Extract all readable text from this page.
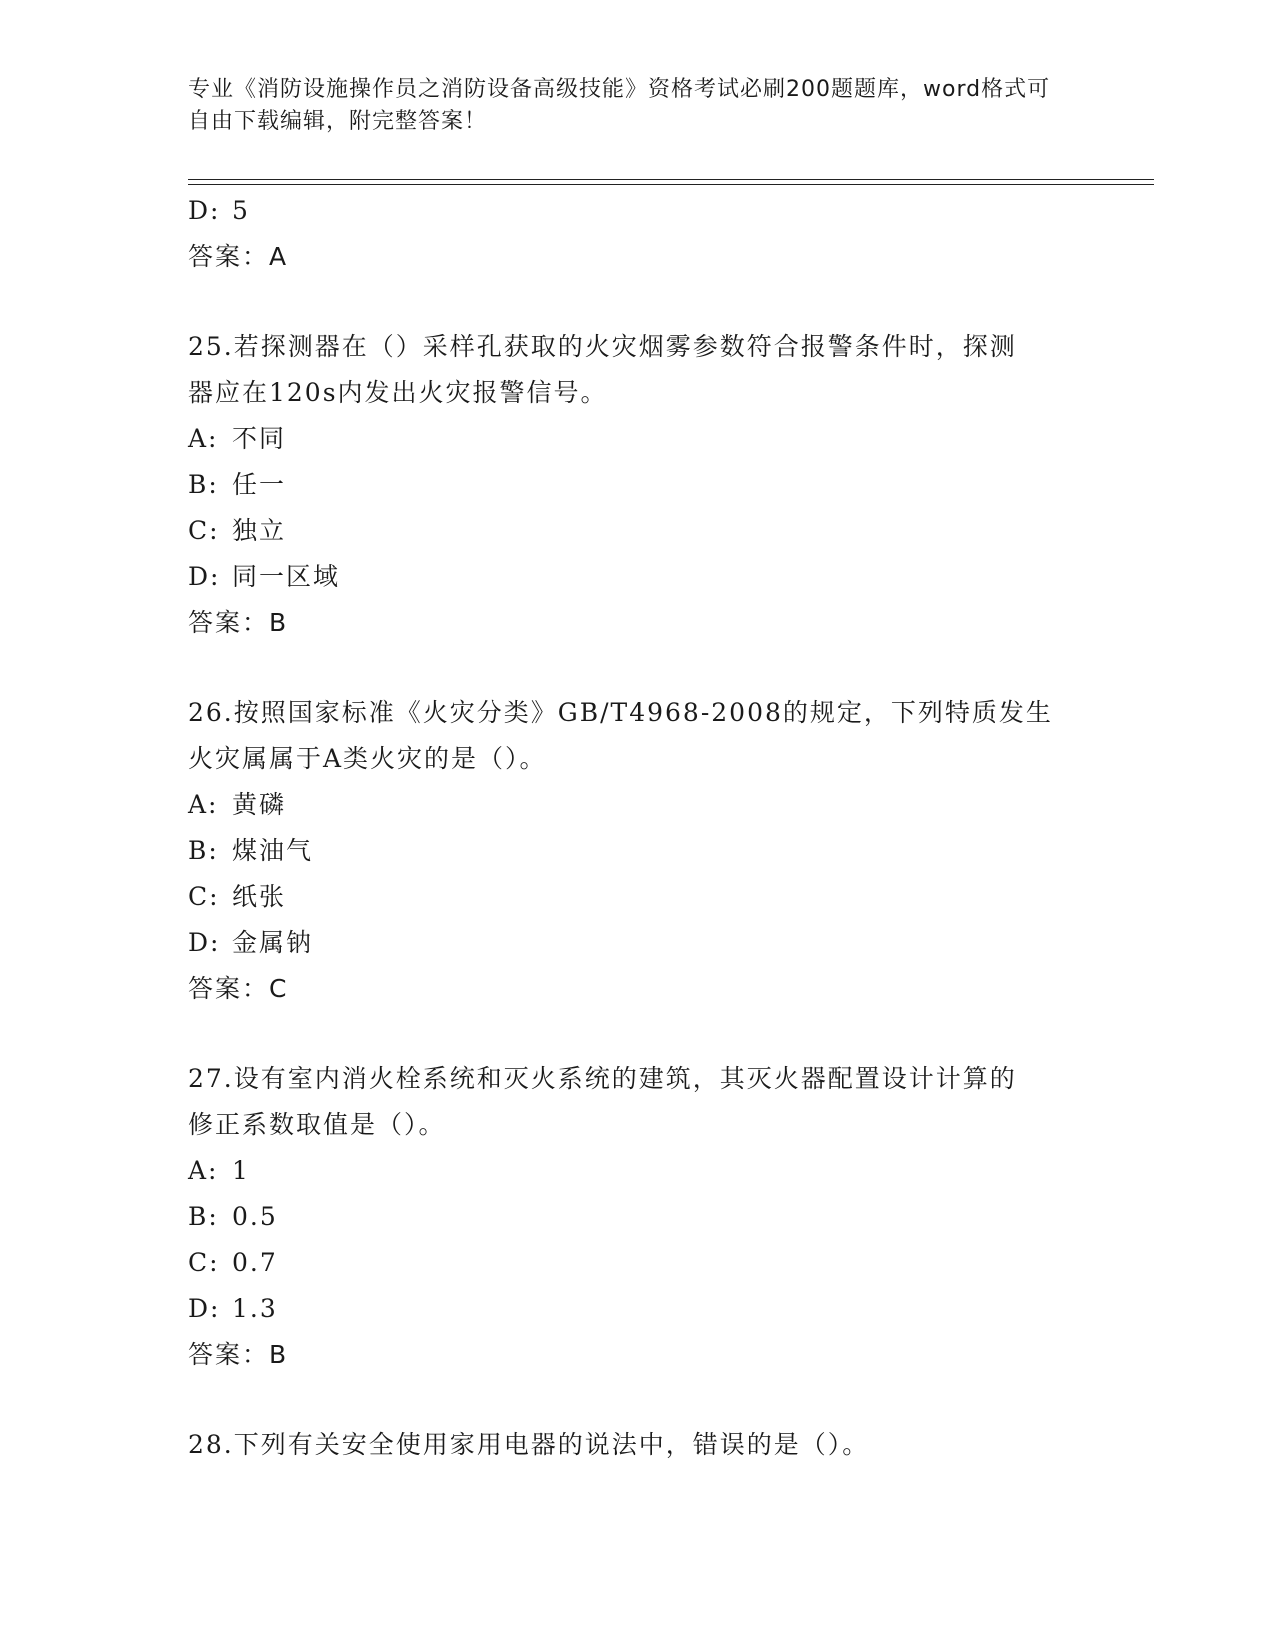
专业《消防设施操作员之消防设备高级技能》资格考试必刷200题题库，word格式可自由下载编辑，附完整答案！
D: 5
答案：A
25.若探测器在（）采样孔获取的火灾烟雾参数符合报警条件时，探测
器应在120s内发出火灾报警信号。
A: 不同
B: 任一
C: 独立
D: 同一区域
答案：B
26.按照国家标准《火灾分类》GB/T4968-2008的规定，下列特质发生
火灾属属于A类火灾的是（）。
A: 黄磷
B: 煤油气
C: 纸张
D: 金属钠
答案：C
27.设有室内消火栓系统和灭火系统的建筑，其灭火器配置设计计算的
修正系数取值是（）。
A: 1
B: 0.5
C: 0.7
D: 1.3
答案：B
28.下列有关安全使用家用电器的说法中，错误的是（）。
